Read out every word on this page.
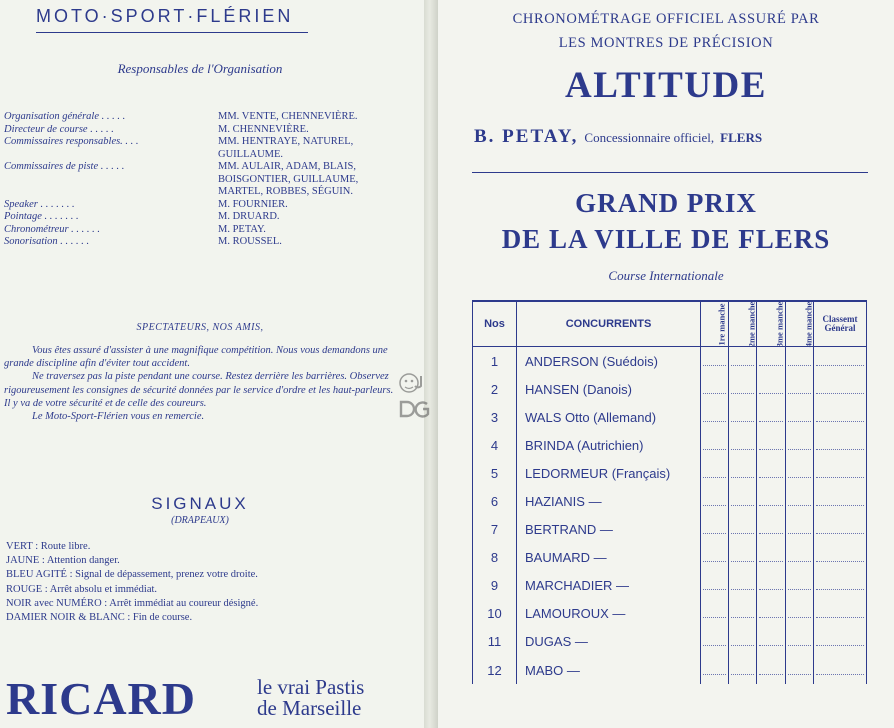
MOTO·SPORT·FLÉRIEN
Responsables de l'Organisation
Organisation générale . . . . .	MM. VENTE, CHENNEVIÈRE.
Directeur de course . . . . .	M. CHENNEVIÈRE.
Commissaires responsables. . . .	MM. HENTRAYE, NATUREL,
GUILLAUME.
Commissaires de piste . . . . .	MM. AULAIR, ADAM, BLAIS,
BOISGONTIER, GUILLAUME,
MARTEL, ROBBES, SÉGUIN.
Speaker . . . . . . .	M. FOURNIER.
Pointage . . . . . . .	M. DRUARD.
Chronométreur . . . . . .	M. PETAY.
Sonorisation . . . . . .	M. ROUSSEL.
SPECTATEURS, NOS AMIS,

Vous êtes assuré d'assister à une magnifique compétition. Nous vous demandons une grande discipline afin d'éviter tout accident.

Ne traversez pas la piste pendant une course. Restez derrière les barrières. Observez rigoureusement les consignes de sécurité données par le service d'ordre et les haut-parleurs. Il y va de votre sécurité et de celle des coureurs.

Le Moto-Sport-Flérien vous en remercie.

SIGNAUX
(DRAPEAUX)
VERT : Route libre.
JAUNE : Attention danger.
BLEU AGITÉ : Signal de dépassement, prenez votre droite.
ROUGE : Arrêt absolu et immédiat.
NOIR avec NUMÉRO : Arrêt immédiat au coureur désigné.
DAMIER NOIR & BLANC : Fin de course.
RICARD	le vrai Pastis
de Marseille
CHRONOMÉTRAGE OFFICIEL ASSURÉ PAR
LES MONTRES DE PRÉCISION
ALTITUDE
B. PETAY, Concessionnaire officiel, FLERS
GRAND PRIX
DE LA VILLE DE FLERS
Course Internationale
Nos	CONCURRENTS	1re manche	2me manche	3me manche	4me manche	Classemt
Général

1	ANDERSON (Suédois)	

2	HANSEN (Danois)	

3	WALS Otto (Allemand)	

4	BRINDA (Autrichien)	

5	LEDORMEUR (Français)	

6	HAZIANIS —	

7	BERTRAND —	

8	BAUMARD —	

9	MARCHADIER —	

10	LAMOUROUX —	

11	DUGAS —	

12	MABO —	
